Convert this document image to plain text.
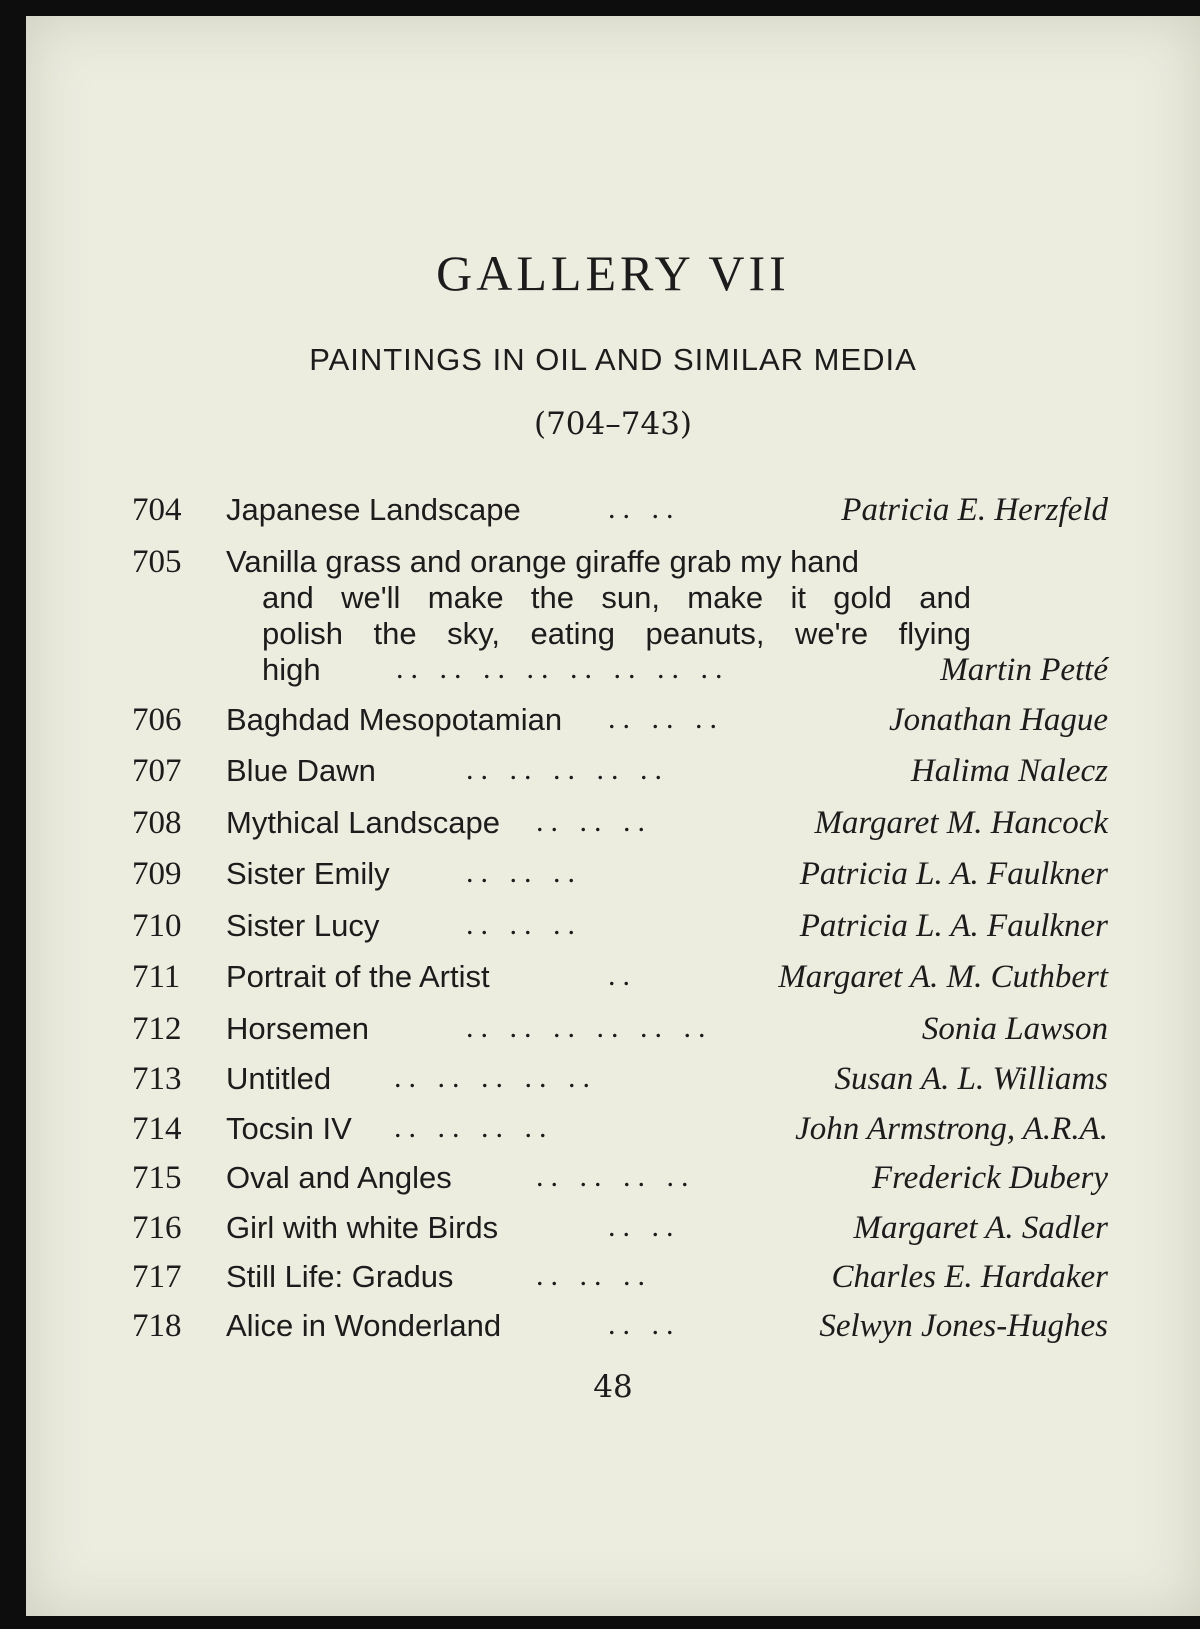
GALLERY VII
PAINTINGS IN OIL AND SIMILAR MEDIA
(704–743)
704 Japanese Landscape	.. ..	Patricia E. Herzfeld
705 Vanilla grass and orange giraffe grab my hand
and we'll make the sun, make it gold and
polish the sky, eating peanuts, we're flying
high	.. .. .. .. .. .. .. ..	Martin Petté
706 Baghdad Mesopotamian .. .. ..	Jonathan Hague
707 Blue Dawn	.. .. .. .. ..	Halima Nalecz
708 Mythical Landscape .. .. ..	Margaret M. Hancock
709 Sister Emily	.. .. ..	Patricia L. A. Faulkner
710 Sister Lucy	.. .. ..	Patricia L. A. Faulkner
711 Portrait of the Artist	..	Margaret A. M. Cuthbert
712 Horsemen	.. .. .. .. .. ..	Sonia Lawson
713 Untitled .. .. .. .. ..	Susan A. L. Williams
714 Tocsin IV .. .. .. ..	John Armstrong, A.R.A.
715 Oval and Angles	.. .. .. ..	Frederick Dubery
716 Girl with white Birds	.. ..	Margaret A. Sadler
717 Still Life: Gradus	.. .. ..	Charles E. Hardaker
718 Alice in Wonderland	.. ..	Selwyn Jones-Hughes
48
